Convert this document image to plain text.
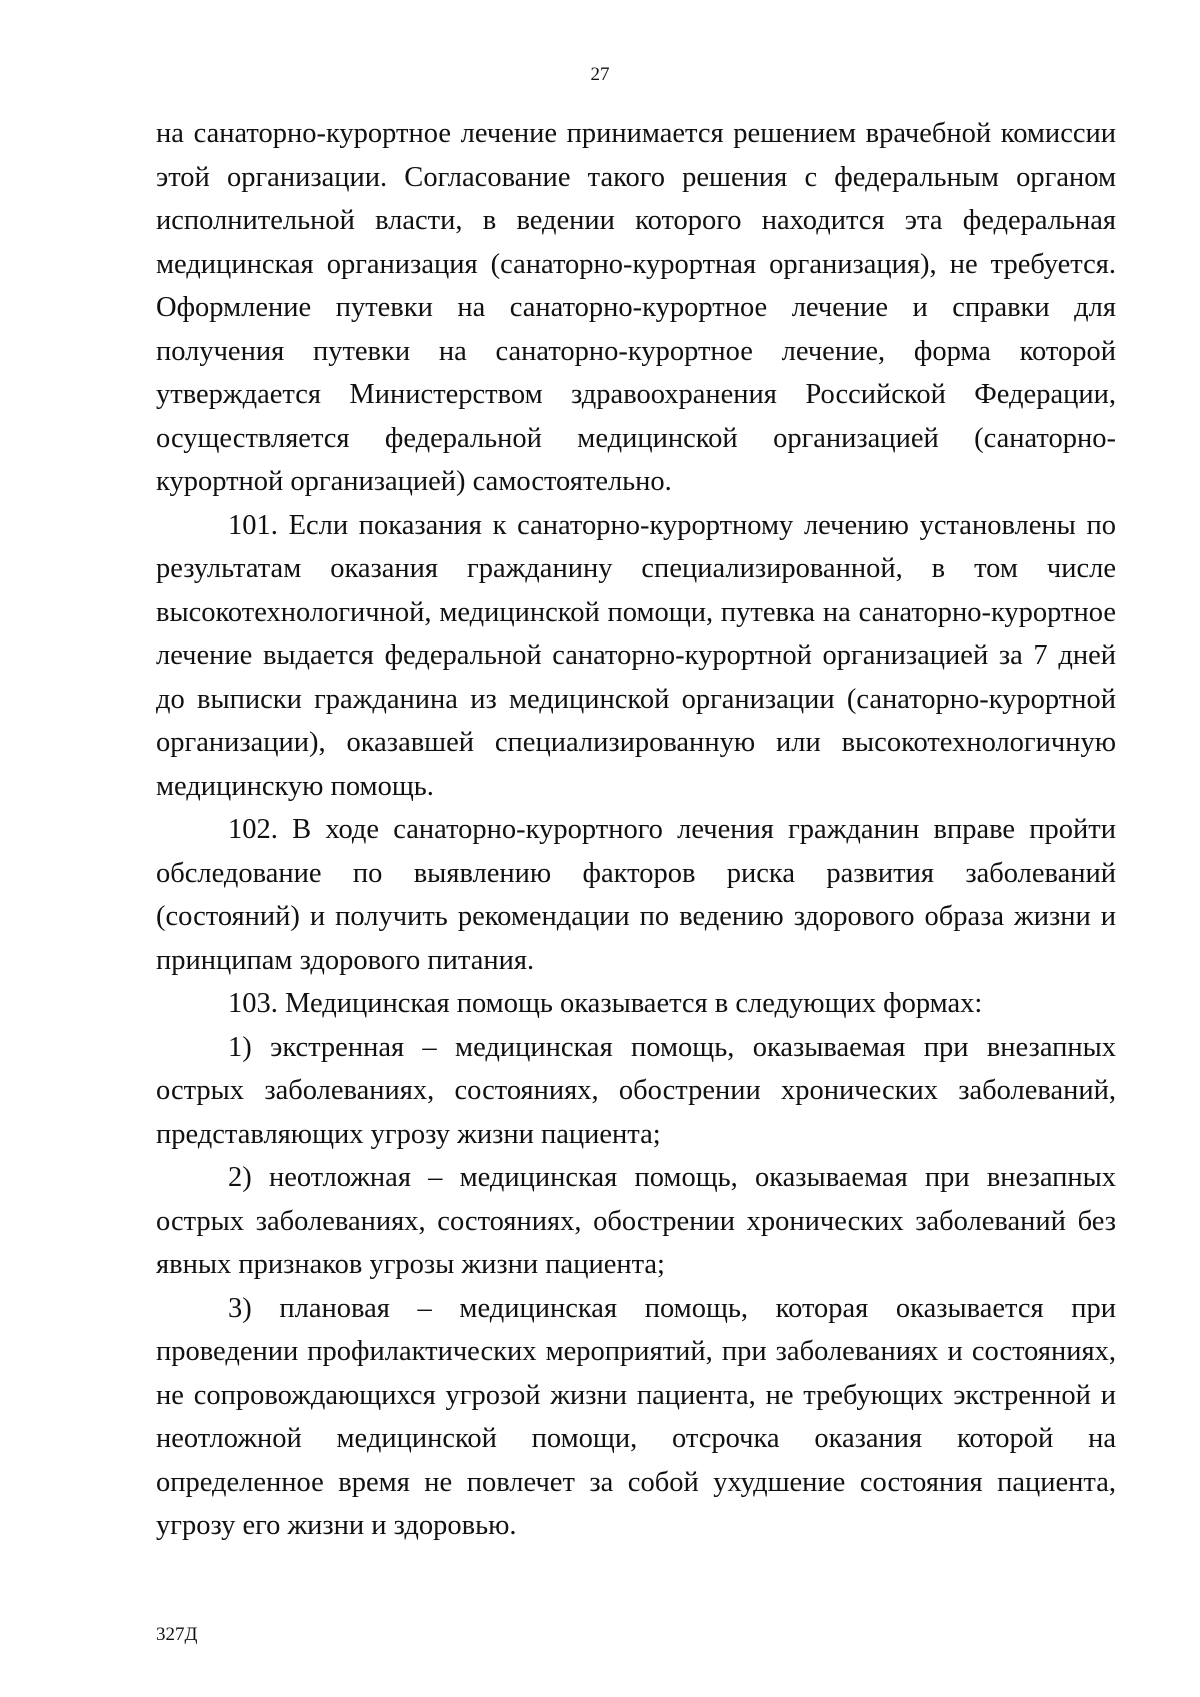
27

на санаторно-курортное лечение принимается решением врачебной комиссии этой организации. Согласование такого решения с федеральным органом исполнительной власти, в ведении которого находится эта федеральная медицинская организация (санаторно-курортная организация), не требуется. Оформление путевки на санаторно-курортное лечение и справки для получения путевки на санаторно-курортное лечение, форма которой утверждается Министерством здравоохранения Российской Федерации, осуществляется федеральной медицинской организацией (санаторно-курортной организацией) самостоятельно.

101. Если показания к санаторно-курортному лечению установлены по результатам оказания гражданину специализированной, в том числе высокотехнологичной, медицинской помощи, путевка на санаторно-курортное лечение выдается федеральной санаторно-курортной организацией за 7 дней до выписки гражданина из медицинской организации (санаторно-курортной организации), оказавшей специализированную или высокотехнологичную медицинскую помощь.

102. В ходе санаторно-курортного лечения гражданин вправе пройти обследование по выявлению факторов риска развития заболеваний (состояний) и получить рекомендации по ведению здорового образа жизни и принципам здорового питания.

103. Медицинская помощь оказывается в следующих формах:

1) экстренная – медицинская помощь, оказываемая при внезапных острых заболеваниях, состояниях, обострении хронических заболеваний, представляющих угрозу жизни пациента;

2) неотложная – медицинская помощь, оказываемая при внезапных острых заболеваниях, состояниях, обострении хронических заболеваний без явных признаков угрозы жизни пациента;

3) плановая – медицинская помощь, которая оказывается при проведении профилактических мероприятий, при заболеваниях и состояниях, не сопровождающихся угрозой жизни пациента, не требующих экстренной и неотложной медицинской помощи, отсрочка оказания которой на определенное время не повлечет за собой ухудшение состояния пациента, угрозу его жизни и здоровью.

327Д
